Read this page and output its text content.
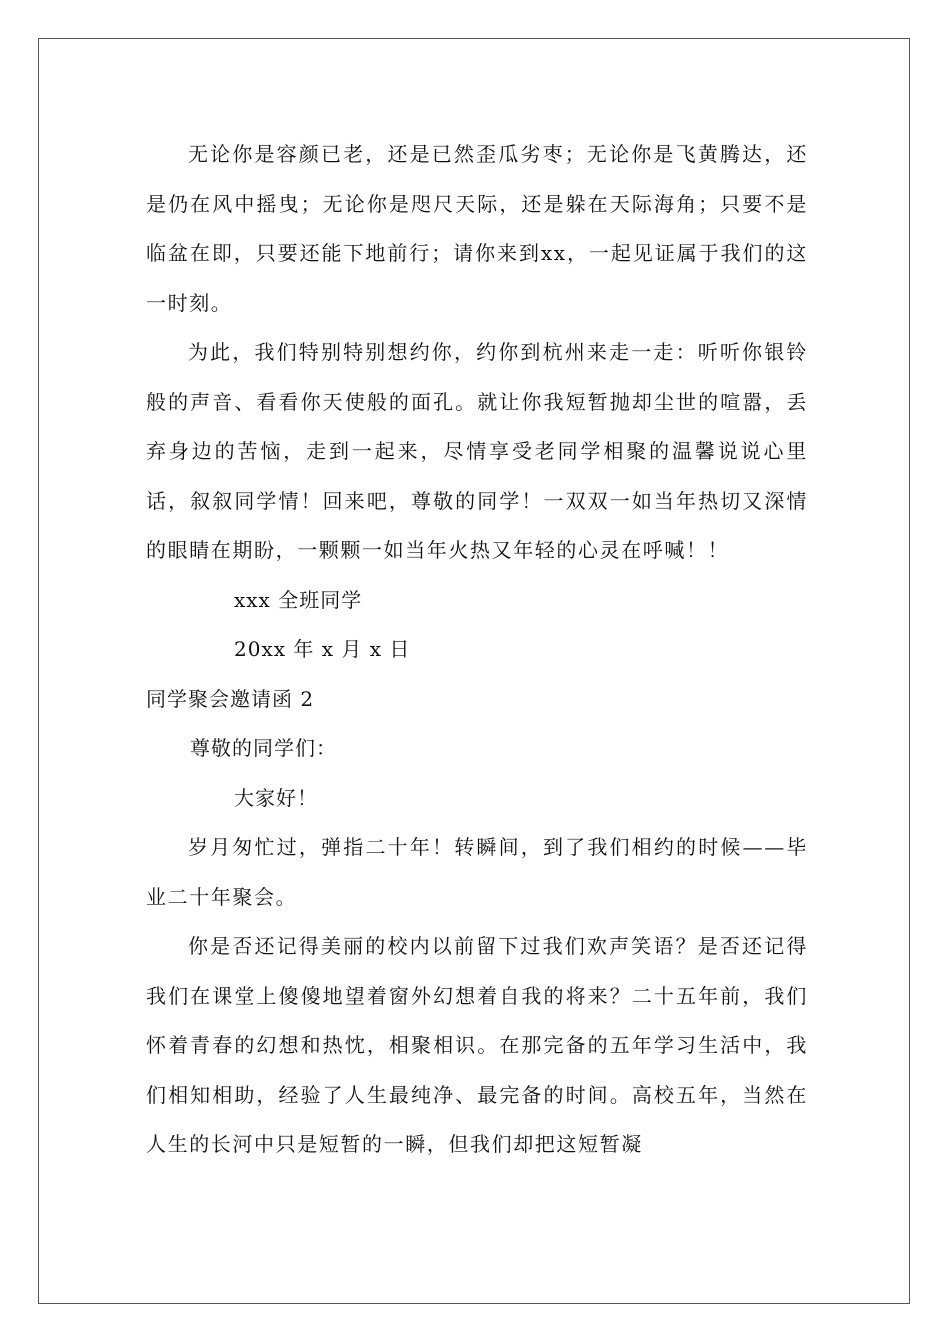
无论你是容颜已老，还是已然歪瓜劣枣；无论你是飞黄腾达，还是仍在风中摇曳；无论你是咫尺天际，还是躲在天际海角；只要不是临盆在即，只要还能下地前行；请你来到xx，一起见证属于我们的这一时刻。

为此，我们特别特别想约你，约你到杭州来走一走：听听你银铃般的声音、看看你天使般的面孔。就让你我短暂抛却尘世的喧嚣，丢弃身边的苦恼，走到一起来，尽情享受老同学相聚的温馨说说心里话，叙叙同学情！回来吧，尊敬的同学！一双双一如当年热切又深情的眼睛在期盼，一颗颗一如当年火热又年轻的心灵在呼喊！！

xxx 全班同学

20xx 年 x 月 x 日

同学聚会邀请函 2

尊敬的同学们：

大家好！

岁月匆忙过，弹指二十年！转瞬间，到了我们相约的时候——毕业二十年聚会。

你是否还记得美丽的校内以前留下过我们欢声笑语？是否还记得我们在课堂上傻傻地望着窗外幻想着自我的将来？二十五年前，我们怀着青春的幻想和热忱，相聚相识。在那完备的五年学习生活中，我们相知相助，经验了人生最纯净、最完备的时间。高校五年，当然在人生的长河中只是短暂的一瞬，但我们却把这短暂凝
